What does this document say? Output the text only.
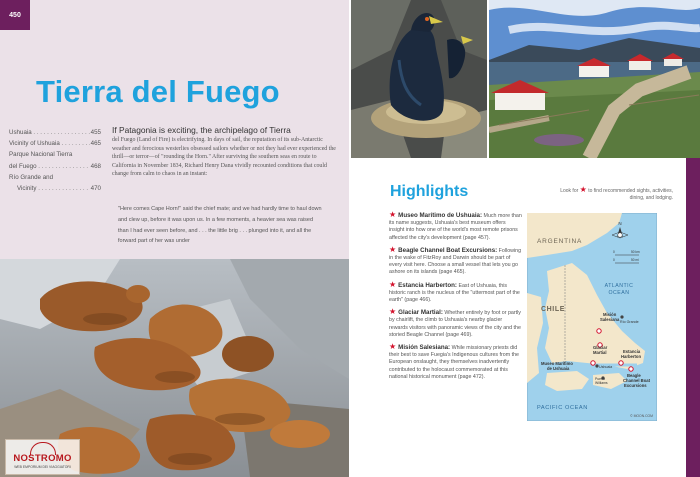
450
Tierra del Fuego
Ushuaia . . .	455
Vicinity of Ushuaia . . .	465
Parque Nacional Tierra
del Fuego . . .	468
Río Grande and
Vicinity . . .	470
If Patagonia is exciting, the archipelago of Tierra
del Fuego (Land of Fire) is electrifying. In days of sail, the reputation of its sub-Antarctic weather and ferocious westerlies obsessed sailors whether or not they had ever experienced the thrill—or terror—of "rounding the Horn." After surviving the southern seas en route to California in November 1834, Richard Henry Dana vividly recounted conditions that could change from calm to chaos in an instant:
"Here comes Cape Horn!" said the chief mate; and we had hardly time to haul down and clew up, before it was upon us. In a few moments, a heavier sea was raised than I had ever seen before, and . . . the little brig . . . plunged into it, and all the forward part of her was under
NOSTROMO
WEB EMPORIUM DEI VIAGGIATORI
Highlights	Look for ★ to find recommended sights, activities, dining, and lodging.
★ Museo Marítimo de Ushuaia: Much more than its name suggests, Ushuaia's best museum offers insight into how one of the world's most remote prisons affected the city's development (page 457).
★ Beagle Channel Boat Excursions: Following in the wake of FitzRoy and Darwin should be part of every visit here. Choose a small vessel that lets you go ashore on its islands (page 465).
★ Estancia Harberton: East of Ushuaia, this historic ranch is the nucleus of the "uttermost part of the earth" (page 466).
★ Glaciar Martial: Whether entirely by foot or partly by chairlift, the climb to Ushuaia's nearby glacier rewards visitors with panoramic views of the city and the storied Beagle Channel (page 469).
★ Misión Salesiana: While missionary priests did their best to save Fuegia's Indigenous cultures from the European onslaught, they themselves inadvertently contributed to the holocaust commemorated at this national historical monument (page 472).
ARGENTINA
CHILE
ATLANTIC
OCEAN
PACIFIC OCEAN
© MOON.COM
N
0
0
50 km
50 mi
Río Grande
Misión
Salesiana
Glaciar
Martial
Museo Marítimo
de Ushuaia	Ushuaia
Puerto
Williams
Estancia
Harberton
Beagle
Channel Boat
Excursions
